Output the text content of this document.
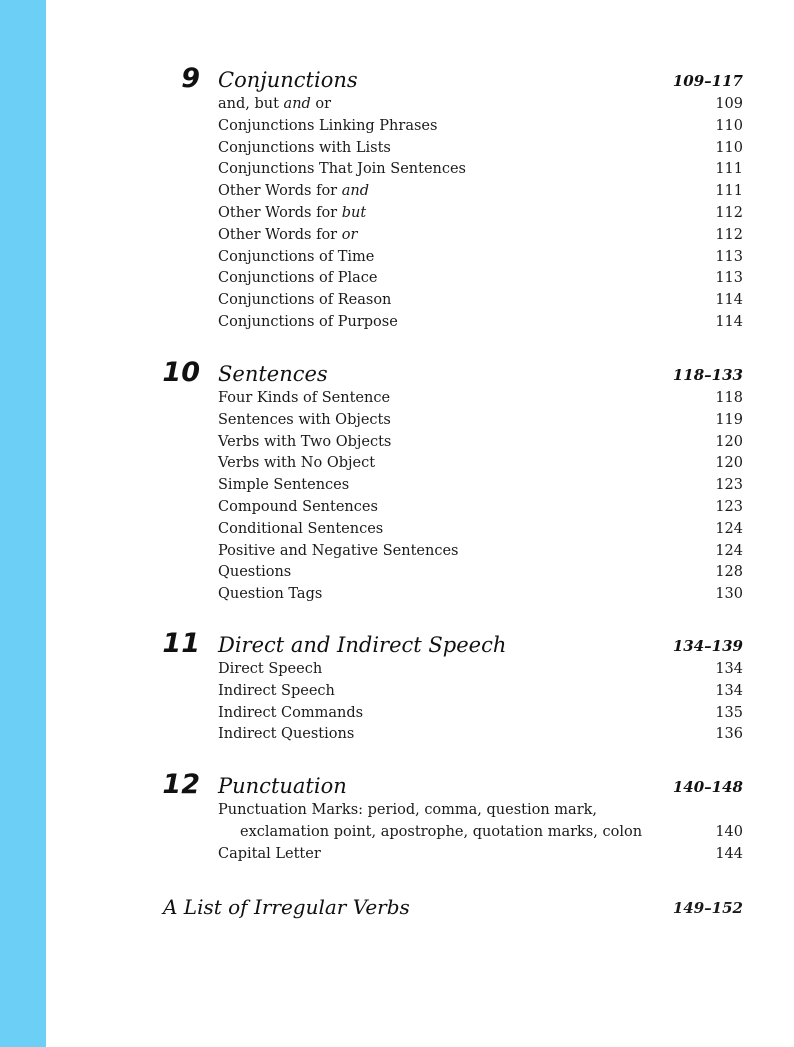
9 Conjunctions	109–117
and, but and or	109
Conjunctions Linking Phrases	110
Conjunctions with Lists	110
Conjunctions That Join Sentences	111
Other Words for and	111
Other Words for but	112
Other Words for or	112
Conjunctions of Time	113
Conjunctions of Place	113
Conjunctions of Reason	114
Conjunctions of Purpose	114
10 Sentences	118–133
Four Kinds of Sentence	118
Sentences with Objects	119
Verbs with Two Objects	120
Verbs with No Object	120
Simple Sentences	123
Compound Sentences	123
Conditional Sentences	124
Positive and Negative Sentences	124
Questions	128
Question Tags	130
11 Direct and Indirect Speech	134–139
Direct Speech	134
Indirect Speech	134
Indirect Commands	135
Indirect Questions	136
12 Punctuation	140–148
Punctuation Marks: period, comma, question mark,
exclamation point, apostrophe, quotation marks, colon	140
Capital Letter	144
A List of Irregular Verbs	149–152
